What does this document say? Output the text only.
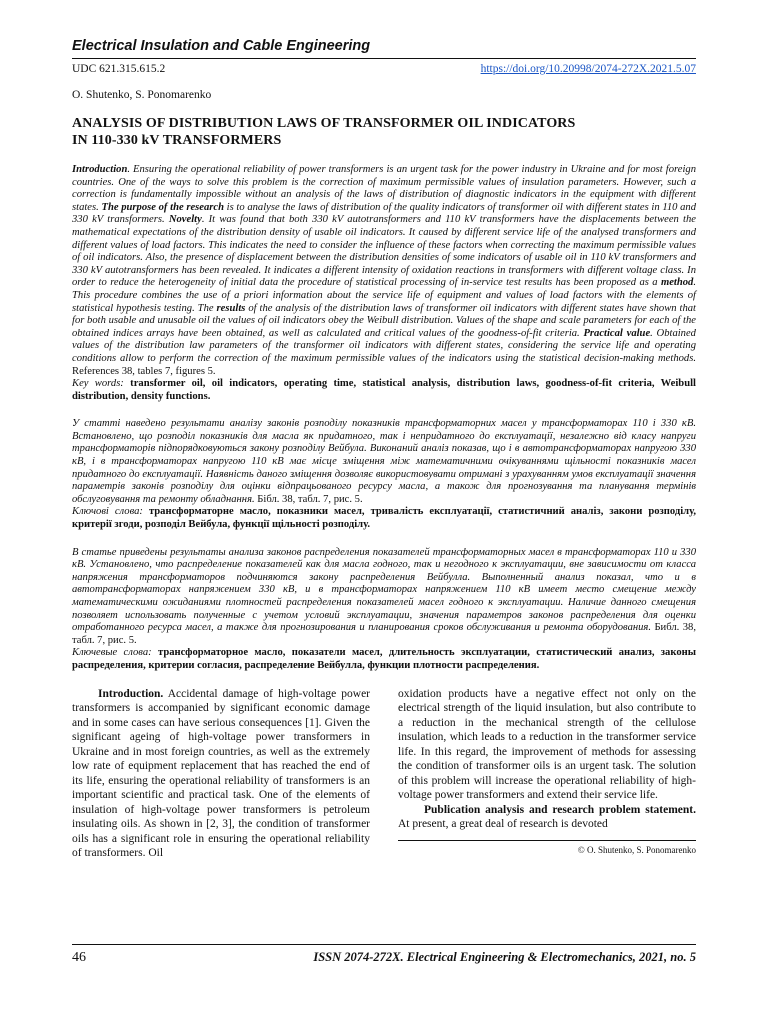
Electrical Insulation and Cable Engineering
UDC 621.315.615.2	https://doi.org/10.20998/2074-272X.2021.5.07
O. Shutenko, S. Ponomarenko
ANALYSIS OF DISTRIBUTION LAWS OF TRANSFORMER OIL INDICATORS
IN 110-330 kV TRANSFORMERS

Introduction. Ensuring the operational reliability of power transformers is an urgent task for the power industry in Ukraine and for most foreign countries. One of the ways to solve this problem is the correction of maximum permissible values of insulation parameters. However, such a correction is fundamentally impossible without an analysis of the laws of distribution of diagnostic indicators in the equipment with different states. The purpose of the research is to analyse the laws of distribution of the quality indicators of transformer oil with different states in 110 and 330 kV transformers. Novelty. It was found that both 330 kV autotransformers and 110 kV transformers have the displacements between the mathematical expectations of the distribution density of usable oil indicators. It caused by different service life of the analysed transformers and different values of load factors. This indicates the need to consider the influence of these factors when correcting the maximum permissible values of oil indicators. Also, the presence of displacement between the distribution densities of some indicators of usable oil in 110 kV transformers and 330 kV autotransformers has been revealed. It indicates a different intensity of oxidation reactions in transformers with different voltage class. In order to reduce the heterogeneity of initial data the procedure of statistical processing of in-service test results has been proposed as a method. This procedure combines the use of a priori information about the service life of equipment and values of load factors with the elements of statistical hypothesis testing. The results of the analysis of the distribution laws of transformer oil indicators with different states have shown that for both usable and unusable oil the values of oil indicators obey the Weibull distribution. Values of the shape and scale parameters for each of the obtained indices arrays have been obtained, as well as calculated and critical values of the goodness-of-fit criteria. Practical value. Obtained values of the distribution law parameters of the transformer oil indicators with different states, considering the service life and operating conditions allow to perform the correction of the maximum permissible values of the indicators using the statistical decision-making methods. References 38, tables 7, figures 5.

Key words: transformer oil, oil indicators, operating time, statistical analysis, distribution laws, goodness-of-fit criteria, Weibull distribution, density functions.

У статті наведено результати аналізу законів розподілу показників трансформаторних масел у трансформаторах 110 і 330 кВ. Встановлено, що розподіл показників для масла як придатного, так і непридатного до експлуатації, незалежно від класу напруги трансформаторів підпорядковуються закону розподілу Вейбула. Виконаний аналіз показав, що і в автотрансформаторах напругою 330 кВ, і в трансформаторах напругою 110 кВ має місце зміщення між математичними очікуваннями щільності показників масел придатного до експлуатації. Наявність даного зміщення дозволяє використовувати отримані з урахуванням умов експлуатації значення параметрів законів розподілу для оцінки відпрацьованого ресурсу масла, а також для прогнозування та планування термінів обслуговування та ремонту обладнання. Бібл. 38, табл. 7, рис. 5.

Ключові слова: трансформаторне масло, показники масел, тривалість експлуатації, статистичний аналіз, закони розподілу, критерії згоди, розподіл Вейбула, функції щільності розподілу.

В статье приведены результаты анализа законов распределения показателей трансформаторных масел в трансформаторах 110 и 330 кВ. Установлено, что распределение показателей как для масла годного, так и негодного к эксплуатации, вне зависимости от класса напряжения трансформаторов подчиняются закону распределения Вейбулла. Выполненный анализ показал, что и в автотрансформаторах напряжением 330 кВ, и в трансформаторах напряжением 110 кВ имеет место смещение между математическими ожиданиями плотностей распределения показателей масел годного к эксплуатации. Наличие данного смещения позволяет использовать полученные с учетом условий эксплуатации, значения параметров законов распределения для оценки отработанного ресурса масел, а также для прогнозирования и планирования сроков обслуживания и ремонта оборудования. Библ. 38, табл. 7, рис. 5.

Ключевые слова: трансформаторное масло, показатели масел, длительность эксплуатации, статистический анализ, законы распределения, критерии согласия, распределение Вейбулла, функции плотности распределения.

Introduction. Accidental damage of high-voltage power transformers is accompanied by significant economic damage and in some cases can have serious consequences [1]. Given the significant ageing of high-voltage power transformers in Ukraine and in most foreign countries, as well as the extremely low rate of equipment replacement that has reached the end of its life, ensuring the operational reliability of transformers is an important scientific and practical task. One of the elements of insulation of high-voltage power transformers is petroleum insulating oils. As shown in [2, 3], the condition of transformer oils has a significant role in ensuring the operational reliability of transformers. Oil

oxidation products have a negative effect not only on the electrical strength of the liquid insulation, but also contribute to a reduction in the mechanical strength of the cellulose insulation, which leads to a reduction in the transformer service life. In this regard, the improvement of methods for assessing the condition of transformer oils is an urgent task. The solution of this problem will increase the operational reliability of high-voltage power transformers and extend their service life.

Publication analysis and research problem statement. At present, a great deal of research is devoted

© O. Shutenko, S. Ponomarenko
46	ISSN 2074-272X. Electrical Engineering & Electromechanics, 2021, no. 5
